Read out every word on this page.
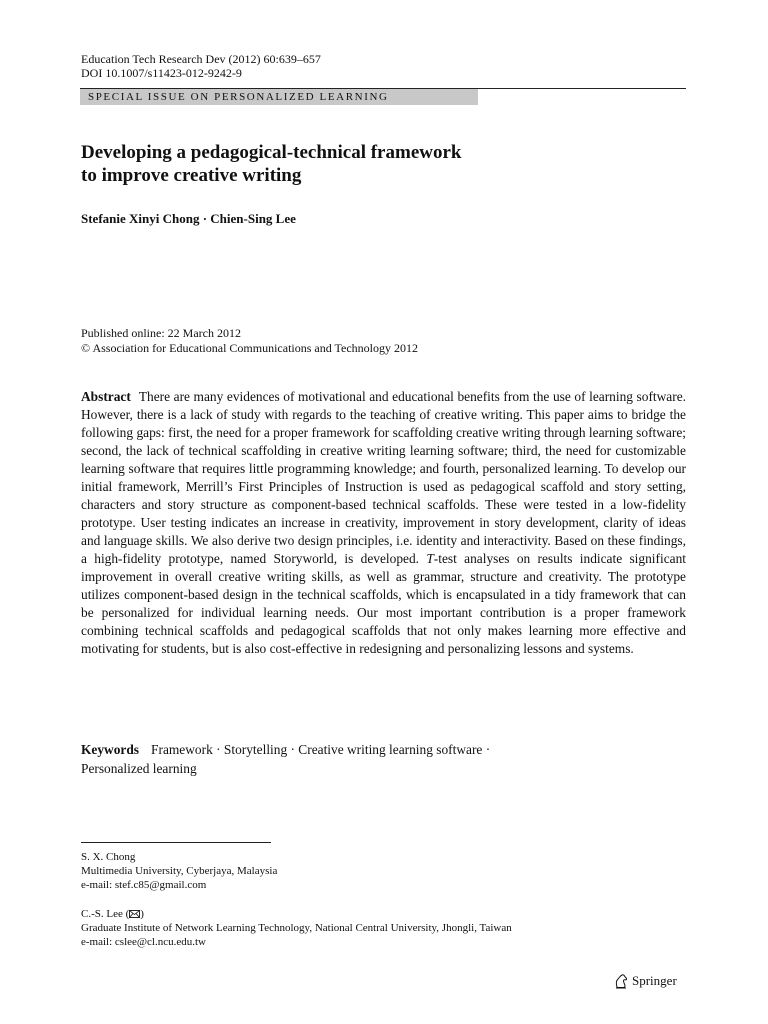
Education Tech Research Dev (2012) 60:639–657
DOI 10.1007/s11423-012-9242-9
SPECIAL ISSUE ON PERSONALIZED LEARNING
Developing a pedagogical-technical framework
to improve creative writing
Stefanie Xinyi Chong · Chien-Sing Lee
Published online: 22 March 2012
© Association for Educational Communications and Technology 2012
Abstract There are many evidences of motivational and educational benefits from the use of learning software. However, there is a lack of study with regards to the teaching of creative writing. This paper aims to bridge the following gaps: first, the need for a proper framework for scaffolding creative writing through learning software; second, the lack of technical scaffolding in creative writing learning software; third, the need for customizable learning software that requires little programming knowledge; and fourth, personalized learning. To develop our initial framework, Merrill’s First Principles of Instruction is used as pedagogical scaffold and story setting, characters and story structure as component-based technical scaffolds. These were tested in a low-fidelity prototype. User testing indicates an increase in creativity, improvement in story development, clarity of ideas and language skills. We also derive two design principles, i.e. identity and interactivity. Based on these findings, a high-fidelity prototype, named Storyworld, is developed. T-test analyses on results indicate significant improvement in overall creative writing skills, as well as grammar, structure and creativity. The prototype utilizes component-based design in the technical scaffolds, which is encapsulated in a tidy framework that can be personalized for individual learning needs. Our most important contribution is a proper framework combining technical scaffolds and pedagogical scaffolds that not only makes learning more effective and motivating for students, but is also cost-effective in redesigning and personalizing lessons and systems.
Keywords Framework · Storytelling · Creative writing learning software ·
Personalized learning
S. X. Chong
Multimedia University, Cyberjaya, Malaysia
e-mail: stef.c85@gmail.com
C.-S. Lee ( )
Graduate Institute of Network Learning Technology, National Central University, Jhongli, Taiwan
e-mail: cslee@cl.ncu.edu.tw
Springer
